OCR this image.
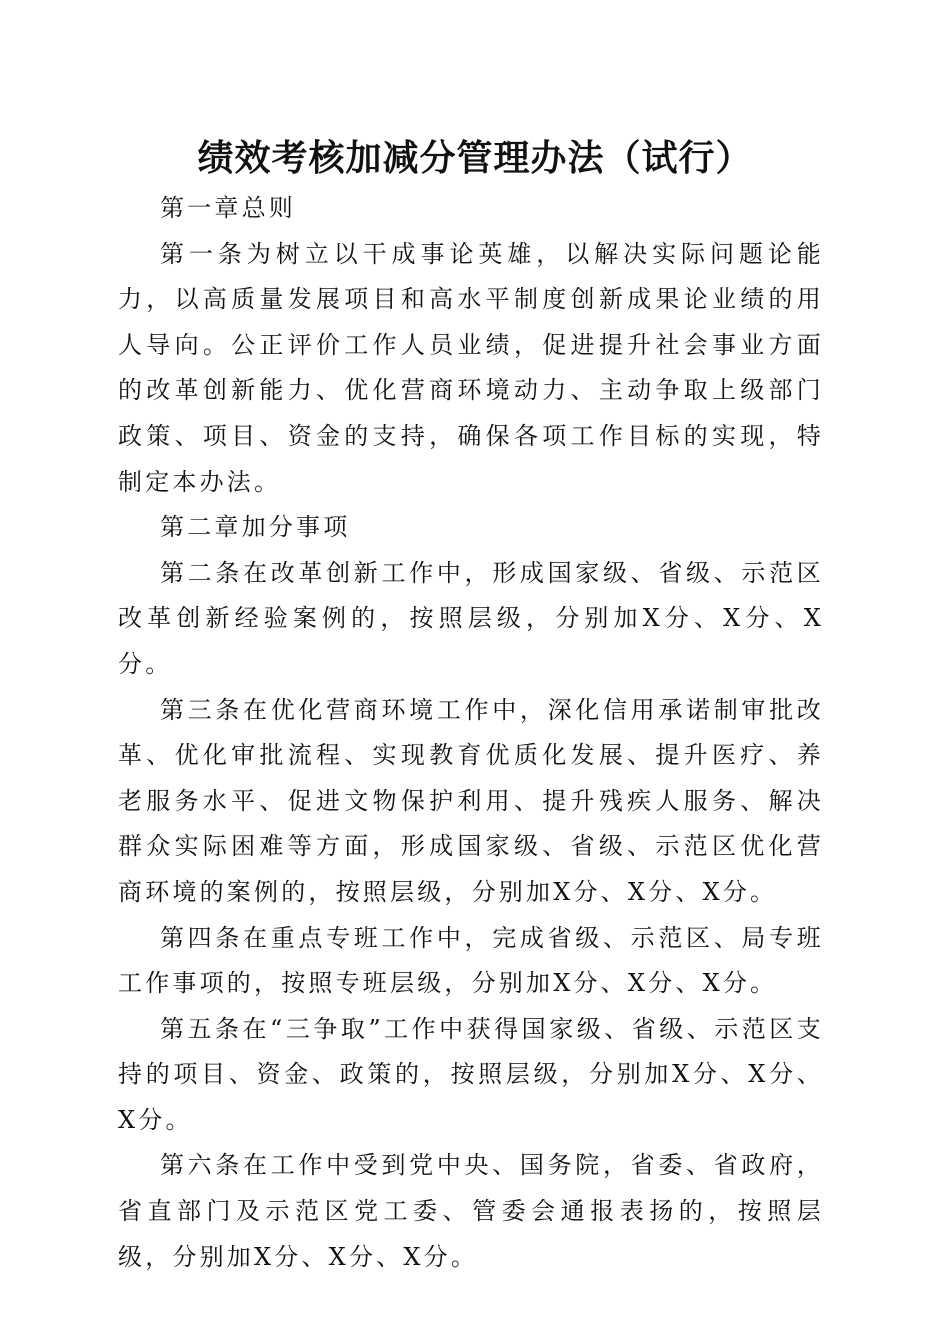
绩效考核加减分管理办法（试行）

第一章总则

第一条为树立以干成事论英雄，以解决实际问题论能力，以高质量发展项目和高水平制度创新成果论业绩的用人导向。公正评价工作人员业绩，促进提升社会事业方面的改革创新能力、优化营商环境动力、主动争取上级部门政策、项目、资金的支持，确保各项工作目标的实现，特制定本办法。

第二章加分事项

第二条在改革创新工作中，形成国家级、省级、示范区改革创新经验案例的，按照层级，分别加X分、X分、X分。

第三条在优化营商环境工作中，深化信用承诺制审批改革、优化审批流程、实现教育优质化发展、提升医疗、养老服务水平、促进文物保护利用、提升残疾人服务、解决群众实际困难等方面，形成国家级、省级、示范区优化营商环境的案例的，按照层级，分别加X分、X分、X分。

第四条在重点专班工作中，完成省级、示范区、局专班工作事项的，按照专班层级，分别加X分、X分、X分。

第五条在“三争取”工作中获得国家级、省级、示范区支持的项目、资金、政策的，按照层级，分别加X分、X分、X分。

第六条在工作中受到党中央、国务院，省委、省政府，省直部门及示范区党工委、管委会通报表扬的，按照层级，分别加X分、X分、X分。
